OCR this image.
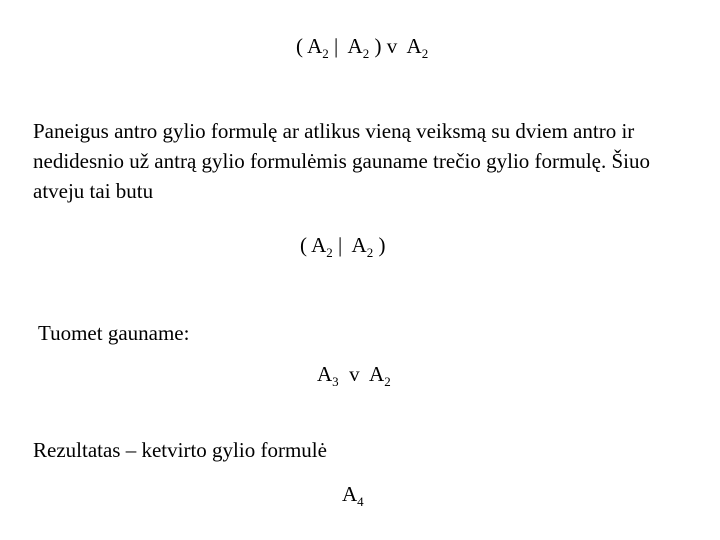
( $A_2$ |  $A_2$ ) v  $A_2$
Paneigus antro gylio formulę ar atlikus vieną veiksmą su dviem antro ir nedidesnio už antrą gylio formulėmis gauname trečio gylio formulę. Šiuo atveju tai butu
( $A_2$ |  $A_2$ )
Tuomet gauname:
$A_3$  v  $A_2$
Rezultatas – ketvirto gylio formulė
$A_4$
